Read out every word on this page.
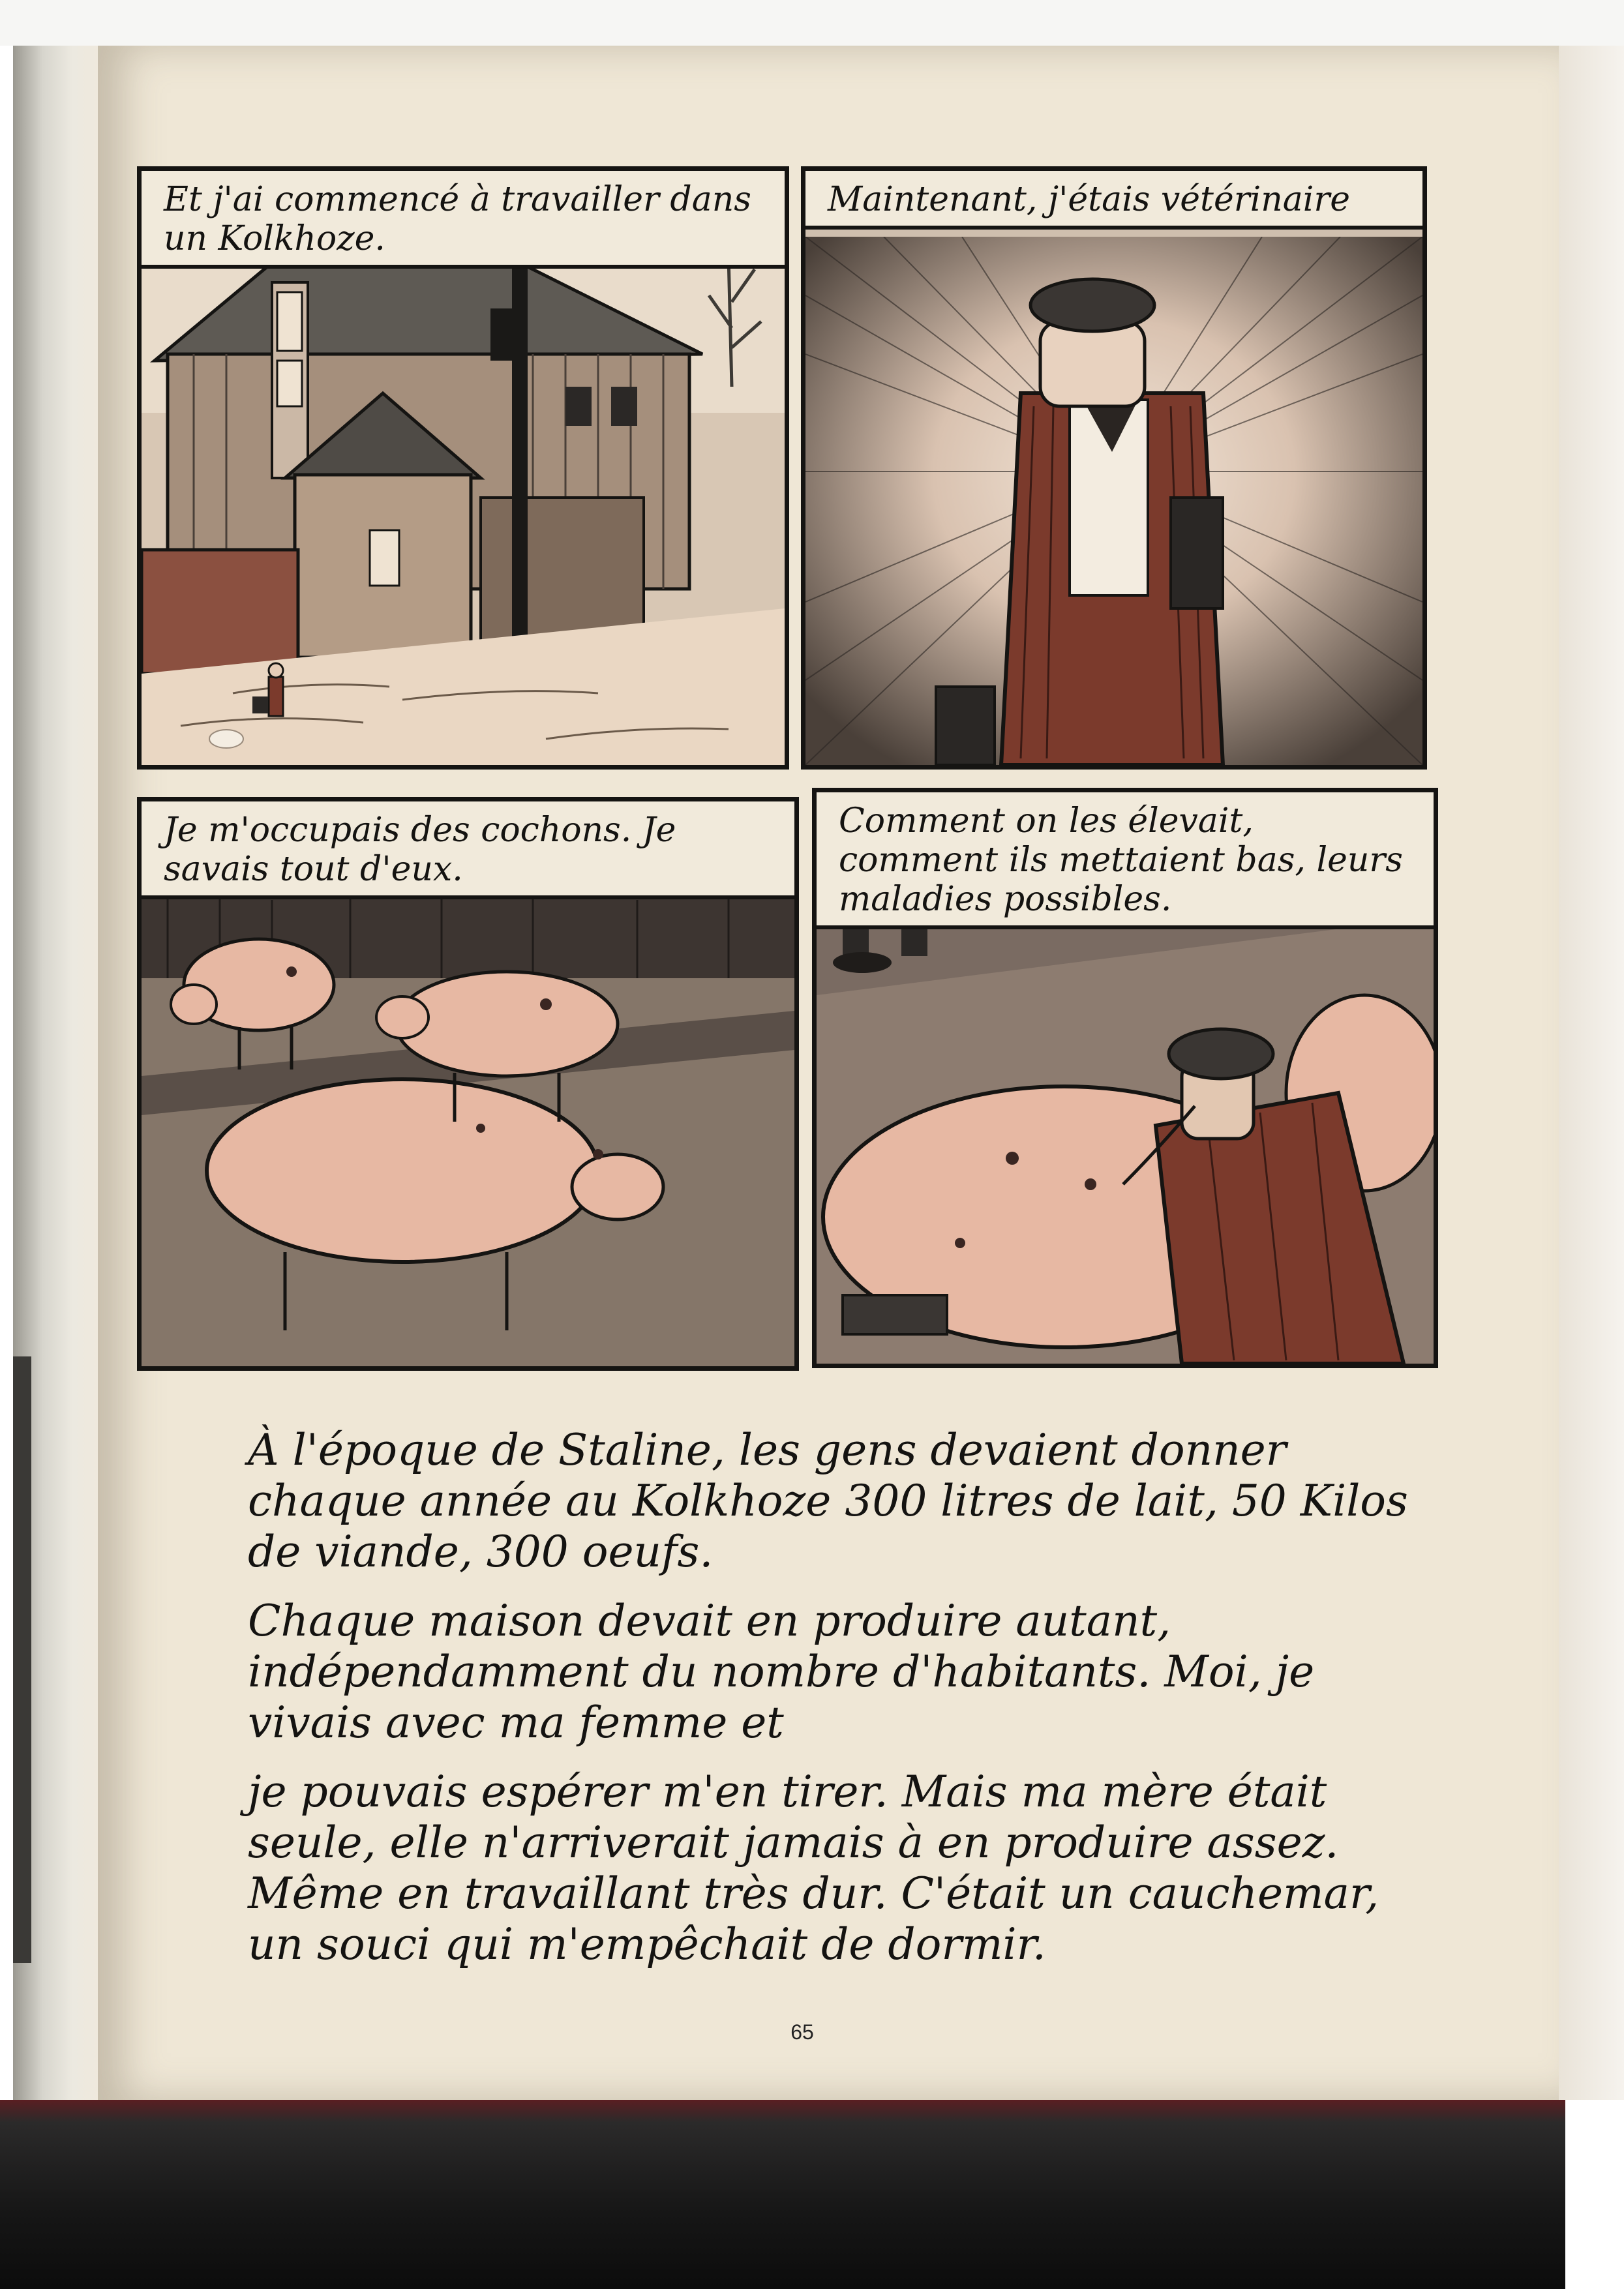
Et j'ai commencé à travailler dans un Kolkhoze.
Maintenant, j'étais vétérinaire
Je m'occupais des cochons. Je savais tout d'eux.
Comment on les élevait, comment ils mettaient bas, leurs maladies possibles.

À l'époque de Staline, les gens devaient donner chaque année au Kolkhoze 300 litres de lait, 50 Kilos de viande, 300 oeufs.

Chaque maison devait en produire autant, indépendamment du nombre d'habitants. Moi, je vivais avec ma femme et

je pouvais espérer m'en tirer. Mais ma mère était seule, elle n'arriverait jamais à en produire assez. Même en travaillant très dur. C'était un cauchemar, un souci qui m'empêchait de dormir.

65
